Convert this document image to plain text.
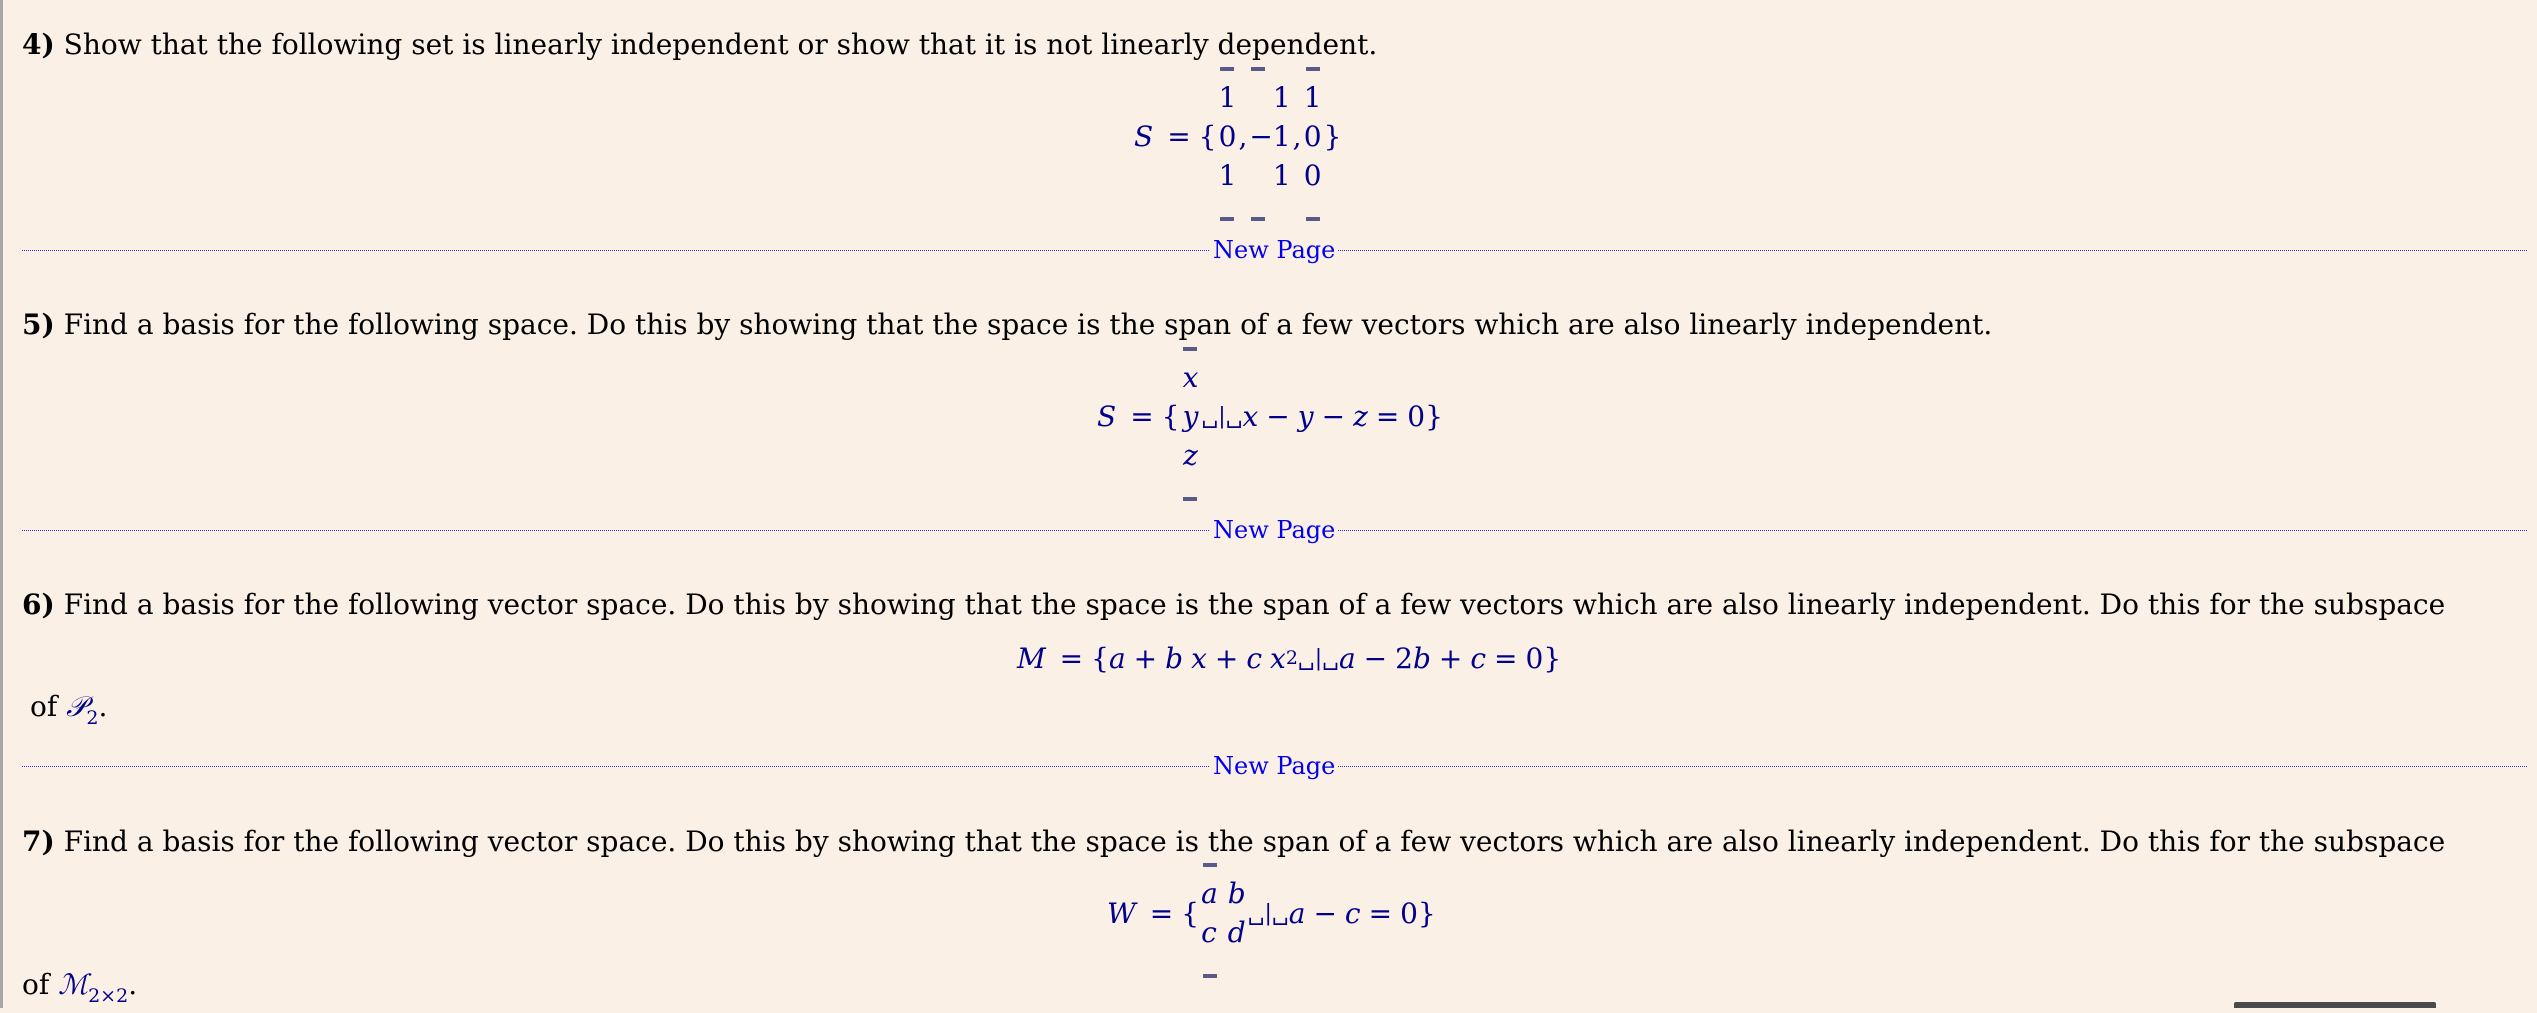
4) Show that the following set is linearly independent or show that it is not linearly dependent.
S = {
1
0
1
,
1
−1
1
,
1
0
0
}
New Page
5) Find a basis for the following space. Do this by showing that the space is the span of a few vectors which are also linearly independent.
S = {
x
y
z
␣|␣ x − y − z = 0 }
New Page
6) Find a basis for the following vector space. Do this by showing that the space is the span of a few vectors which are also linearly independent. Do this for the subspace
M = { a + b x + c x 2 ␣|␣ a − 2 b + c = 0 }
of 𝒫$_2$.
New Page
7) Find a basis for the following vector space. Do this by showing that the space is the span of a few vectors which are also linearly independent. Do this for the subspace
W = {
a b
c d
␣|␣ a − c = 0 }
of ℳ$_{2\times 2}$.
